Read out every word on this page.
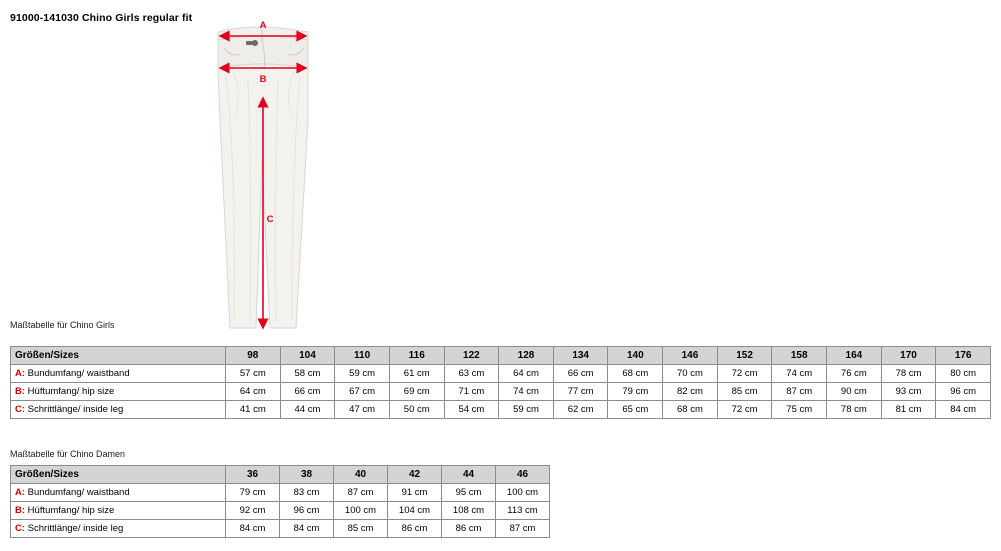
91000-141030 Chino Girls regular fit
A
B
C
Maßtabelle für Chino Girls
Größen/Sizes	98	104	110	116	122	128	134	140	146	152	158	164	170	176
A: Bundumfang/ waistband	57 cm	58 cm	59 cm	61 cm	63 cm	64 cm	66 cm	68 cm	70 cm	72 cm	74 cm	76 cm	78 cm	80 cm
B: Hüftumfang/ hip size	64 cm	66 cm	67 cm	69 cm	71 cm	74 cm	77 cm	79 cm	82 cm	85 cm	87 cm	90 cm	93 cm	96 cm
C: Schrittlänge/ inside leg	41 cm	44 cm	47 cm	50 cm	54 cm	59 cm	62 cm	65 cm	68 cm	72 cm	75 cm	78 cm	81 cm	84 cm
Maßtabelle für Chino Damen
Größen/Sizes	36	38	40	42	44	46
A: Bundumfang/ waistband	79 cm	83 cm	87 cm	91 cm	95 cm	100 cm
B: Hüftumfang/ hip size	92 cm	96 cm	100 cm	104 cm	108 cm	113 cm
C: Schrittlänge/ inside leg	84 cm	84 cm	85 cm	86 cm	86 cm	87 cm
